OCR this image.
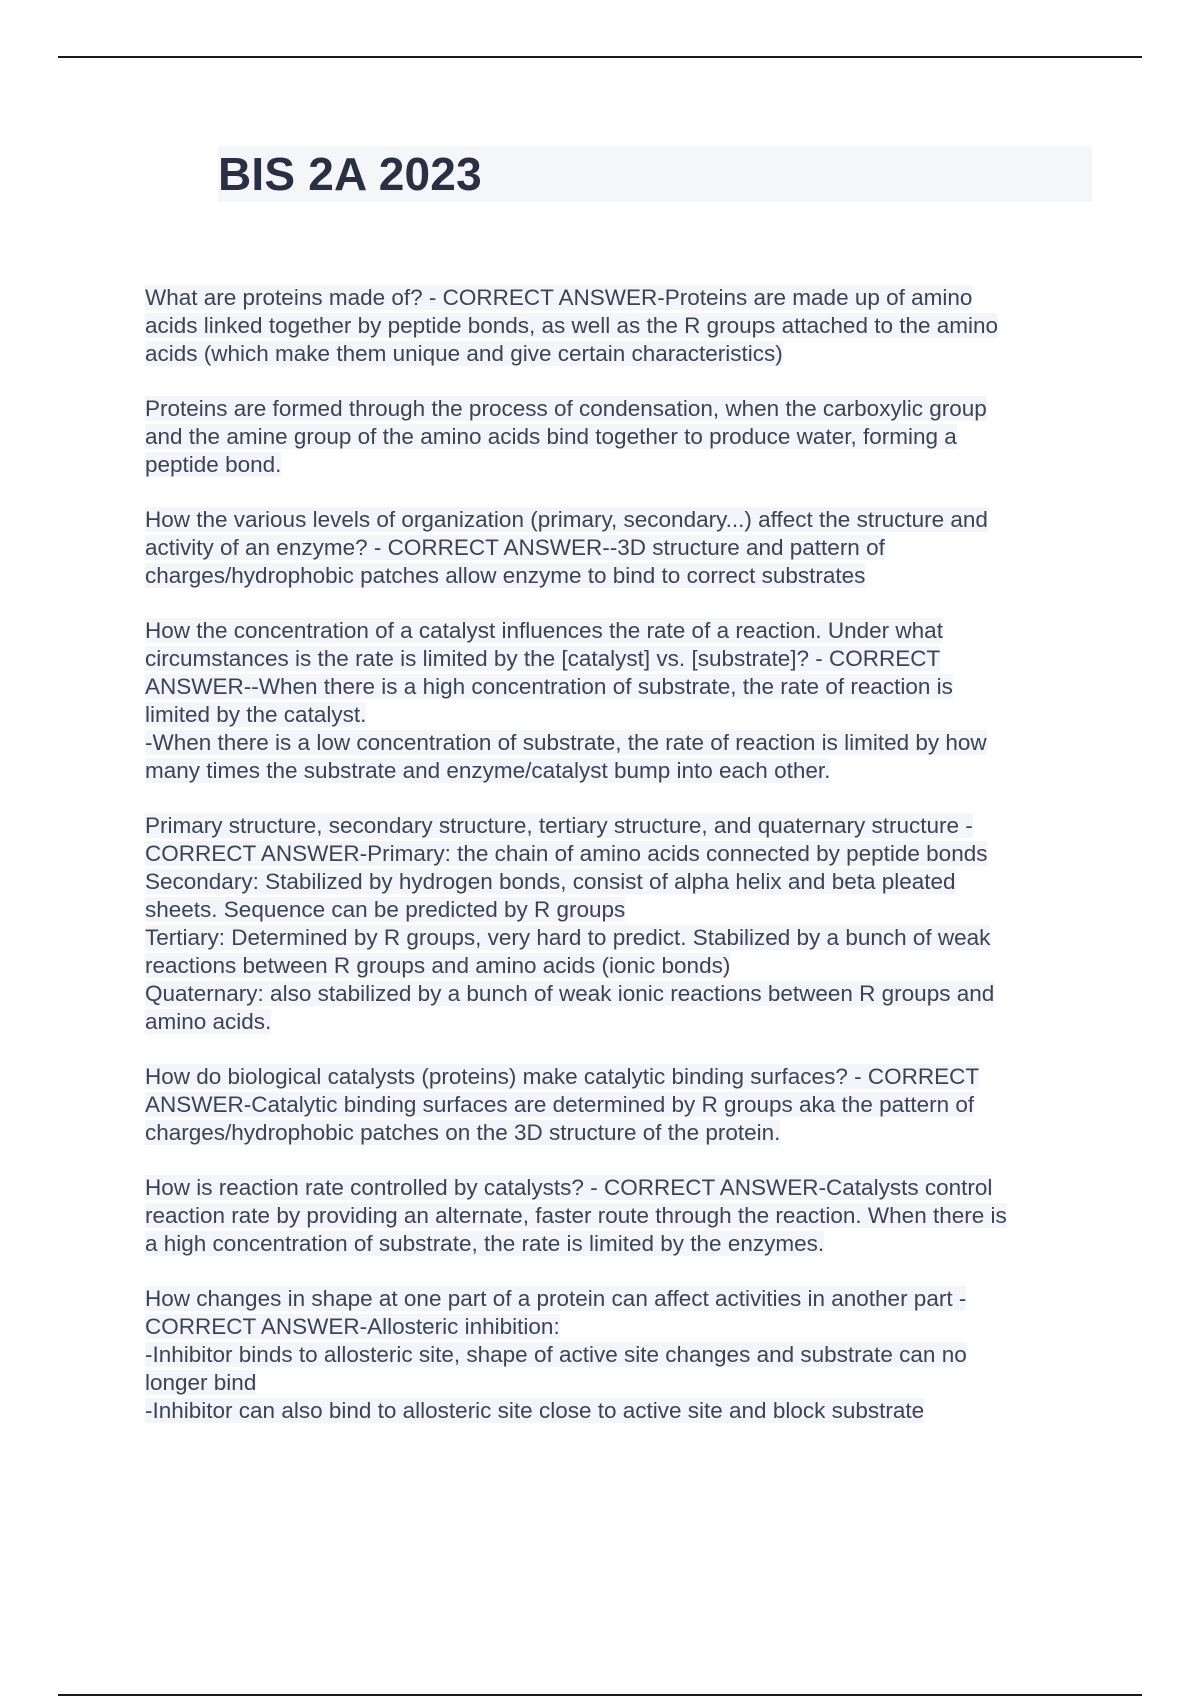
BIS 2A 2023
What are proteins made of? - CORRECT ANSWER-Proteins are made up of amino
acids linked together by peptide bonds, as well as the R groups attached to the amino
acids (which make them unique and give certain characteristics)
Proteins are formed through the process of condensation, when the carboxylic group
and the amine group of the amino acids bind together to produce water, forming a
peptide bond.
How the various levels of organization (primary, secondary...) affect the structure and
activity of an enzyme? - CORRECT ANSWER--3D structure and pattern of
charges/hydrophobic patches allow enzyme to bind to correct substrates
How the concentration of a catalyst influences the rate of a reaction. Under what
circumstances is the rate is limited by the [catalyst] vs. [substrate]? - CORRECT
ANSWER--When there is a high concentration of substrate, the rate of reaction is
limited by the catalyst.
-When there is a low concentration of substrate, the rate of reaction is limited by how
many times the substrate and enzyme/catalyst bump into each other.
Primary structure, secondary structure, tertiary structure, and quaternary structure -
CORRECT ANSWER-Primary: the chain of amino acids connected by peptide bonds
Secondary: Stabilized by hydrogen bonds, consist of alpha helix and beta pleated
sheets. Sequence can be predicted by R groups
Tertiary: Determined by R groups, very hard to predict. Stabilized by a bunch of weak
reactions between R groups and amino acids (ionic bonds)
Quaternary: also stabilized by a bunch of weak ionic reactions between R groups and
amino acids.
How do biological catalysts (proteins) make catalytic binding surfaces? - CORRECT
ANSWER-Catalytic binding surfaces are determined by R groups aka the pattern of
charges/hydrophobic patches on the 3D structure of the protein.
How is reaction rate controlled by catalysts? - CORRECT ANSWER-Catalysts control
reaction rate by providing an alternate, faster route through the reaction. When there is
a high concentration of substrate, the rate is limited by the enzymes.
How changes in shape at one part of a protein can affect activities in another part -
CORRECT ANSWER-Allosteric inhibition:
-Inhibitor binds to allosteric site, shape of active site changes and substrate can no
longer bind
-Inhibitor can also bind to allosteric site close to active site and block substrate
